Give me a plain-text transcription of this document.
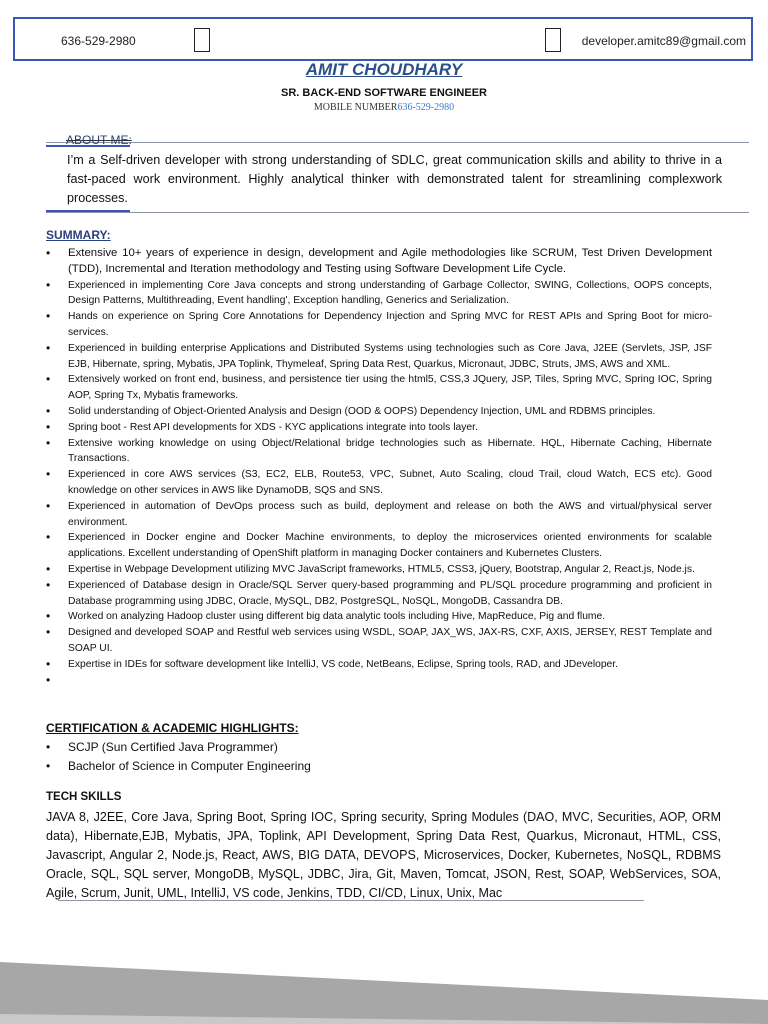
636-529-2980	developer.amitc89@gmail.com
AMIT CHOUDHARY
SR. BACK-END SOFTWARE ENGINEER
MOBILE NUMBER636-529-2980
ABOUT ME:
I’m a Self-driven developer with strong understanding of SDLC, great communication skills and ability to thrive in a fast-paced work environment. Highly analytical thinker with demonstrated talent for streamlining complexwork processes.
SUMMARY:
• Extensive 10+ years of experience in design, development and Agile methodologies like SCRUM, Test Driven Development (TDD), Incremental and Iteration methodology and Testing using Software Development Life Cycle.
• Experienced in implementing Core Java concepts and strong understanding of Garbage Collector, SWING, Collections, OOPS concepts, Design Patterns, Multithreading, Event handling', Exception handling, Generics and Serialization.
• Hands on experience on Spring Core Annotations for Dependency Injection and Spring MVC for REST APIs and Spring Boot for micro-services.
• Experienced in building enterprise Applications and Distributed Systems using technologies such as Core Java, J2EE (Servlets, JSP, JSF EJB, Hibernate, spring, Mybatis, JPA Toplink, Thymeleaf, Spring Data Rest, Quarkus, Micronaut, JDBC, Struts, JMS, AWS and XML.
• Extensively worked on front end, business, and persistence tier using the html5, CSS,3 JQuery, JSP, Tiles, Spring MVC, Spring IOC, Spring AOP, Spring Tx, Mybatis frameworks.
• Solid understanding of Object-Oriented Analysis and Design (OOD & OOPS) Dependency Injection, UML and RDBMS principles.
• Spring boot - Rest API developments for XDS - KYC applications integrate into tools layer.
• Extensive working knowledge on using Object/Relational bridge technologies such as Hibernate. HQL, Hibernate Caching, Hibernate Transactions.
• Experienced in core AWS services (S3, EC2, ELB, Route53, VPC, Subnet, Auto Scaling, cloud Trail, cloud Watch, ECS etc). Good knowledge on other services in AWS like DynamoDB, SQS and SNS.
• Experienced in automation of DevOps process such as build, deployment and release on both the AWS and virtual/physical server environment.
• Experienced in Docker engine and Docker Machine environments, to deploy the microservices oriented environments for scalable applications. Excellent understanding of OpenShift platform in managing Docker containers and Kubernetes Clusters.
• Expertise in Webpage Development utilizing MVC JavaScript frameworks, HTML5, CSS3, jQuery, Bootstrap, Angular 2, React.js, Node.js.
• Experienced of Database design in Oracle/SQL Server query-based programming and PL/SQL procedure programming and proficient in Database programming using JDBC, Oracle, MySQL, DB2, PostgreSQL, NoSQL, MongoDB, Cassandra DB.
• Worked on analyzing Hadoop cluster using different big data analytic tools including Hive, MapReduce, Pig and flume.
• Designed and developed SOAP and Restful web services using WSDL, SOAP, JAX_WS, JAX-RS, CXF, AXIS, JERSEY, REST Template and SOAP UI.
• Expertise in IDEs for software development like IntelliJ, VS code, NetBeans, Eclipse, Spring tools, RAD, and JDeveloper.
•
CERTIFICATION & ACADEMIC HIGHLIGHTS:
• SCJP (Sun Certified Java Programmer)
• Bachelor of Science in Computer Engineering
TECH SKILLS
JAVA 8, J2EE, Core Java, Spring Boot, Spring IOC, Spring security, Spring Modules (DAO, MVC, Securities, AOP, ORM data), Hibernate,EJB, Mybatis, JPA, Toplink, API Development, Spring Data Rest, Quarkus, Micronaut, HTML, CSS, Javascript, Angular 2, Node.js, React, AWS, BIG DATA, DEVOPS, Microservices, Docker, Kubernetes, NoSQL, RDBMS Oracle, SQL, SQL server, MongoDB, MySQL, JDBC, Jira, Git, Maven, Tomcat, JSON, Rest, SOAP, WebServices, SOA, Agile, Scrum, Junit, UML, IntelliJ, VS code, Jenkins, TDD, CI/CD, Linux, Unix, Mac
